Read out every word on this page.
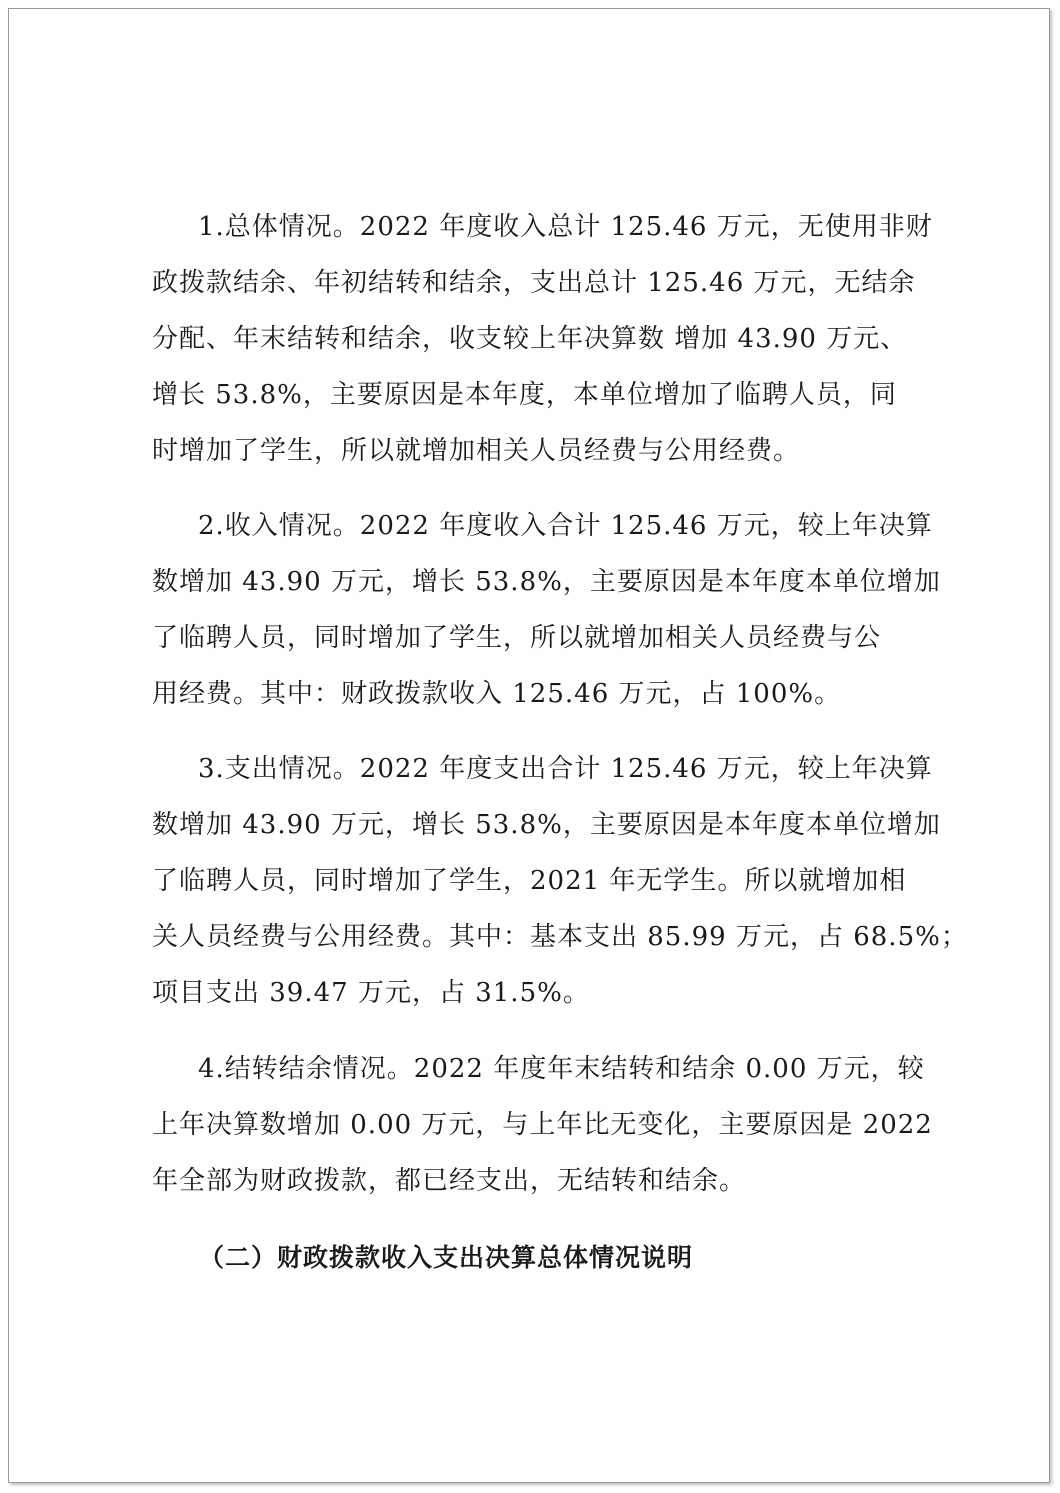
1.总体情况。2022 年度收入总计 125.46 万元，无使用非财
政拨款结余、年初结转和结余，支出总计 125.46 万元，无结余
分配、年末结转和结余，收支较上年决算数 增加 43.90 万元、
增长 53.8%，主要原因是本年度，本单位增加了临聘人员，同
时增加了学生，所以就增加相关人员经费与公用经费。
2.收入情况。2022 年度收入合计 125.46 万元，较上年决算
数增加 43.90 万元，增长 53.8%，主要原因是本年度本单位增加
了临聘人员，同时增加了学生，所以就增加相关人员经费与公
用经费。其中：财政拨款收入 125.46 万元，占 100%。
3.支出情况。2022 年度支出合计 125.46 万元，较上年决算
数增加 43.90 万元，增长 53.8%，主要原因是本年度本单位增加
了临聘人员，同时增加了学生，2021 年无学生。所以就增加相
关人员经费与公用经费。其中：基本支出 85.99 万元，占 68.5%；
项目支出 39.47 万元，占 31.5%。
4.结转结余情况。2022 年度年末结转和结余 0.00 万元，较
上年决算数增加 0.00 万元，与上年比无变化，主要原因是 2022
年全部为财政拨款，都已经支出，无结转和结余。

（二）财政拨款收入支出决算总体情况说明
